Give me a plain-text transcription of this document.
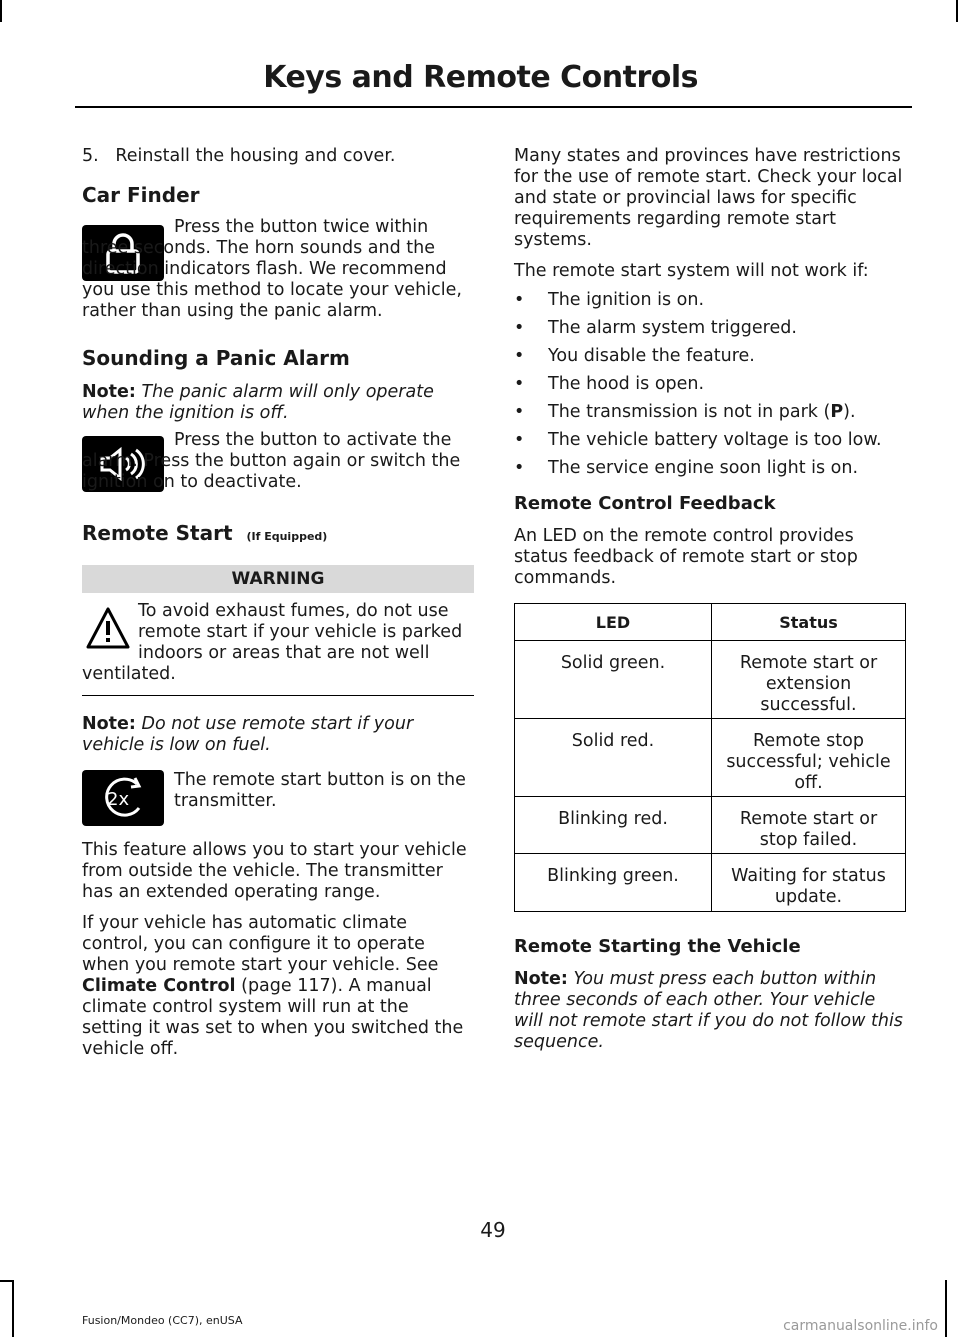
Keys and Remote Controls

5.   Reinstall the housing and cover.

Car Finder

Press the button twice within three seconds. The horn sounds and the direction indicators flash. We recommend you use this method to locate your vehicle, rather than using the panic alarm.

Sounding a Panic Alarm

Note: The panic alarm will only operate when the ignition is off.

Press the button to activate the alarm. Press the button again or switch the ignition on to deactivate.

Remote Start (If Equipped)
WARNING

To avoid exhaust fumes, do not use remote start if your vehicle is parked indoors or areas that are not well ventilated.

Note: Do not use remote start if your vehicle is low on fuel.

2x

The remote start button is on the transmitter.

This feature allows you to start your vehicle from outside the vehicle. The transmitter has an extended operating range.

If your vehicle has automatic climate control, you can configure it to operate when you remote start your vehicle. See Climate Control (page 117). A manual climate control system will run at the setting it was set to when you switched the vehicle off.

Many states and provinces have restrictions for the use of remote start. Check your local and state or provincial laws for specific requirements regarding remote start systems.

The remote start system will not work if:

• The ignition is on.
• The alarm system triggered.
• You disable the feature.
• The hood is open.
• The transmission is not in park (P).
• The vehicle battery voltage is too low.
• The service engine soon light is on.
Remote Control Feedback

An LED on the remote control provides status feedback of remote start or stop commands.

LED	Status
Solid green.	Remote start or extension successful.
Solid red.	Remote stop successful; vehicle off.
Blinking red.	Remote start or stop failed.
Blinking green.	Waiting for status update.
Remote Starting the Vehicle

Note: You must press each button within three seconds of each other. Your vehicle will not remote start if you do not follow this sequence.

49
Fusion/Mondeo (CC7), enUSA	carmanualsonline.info
